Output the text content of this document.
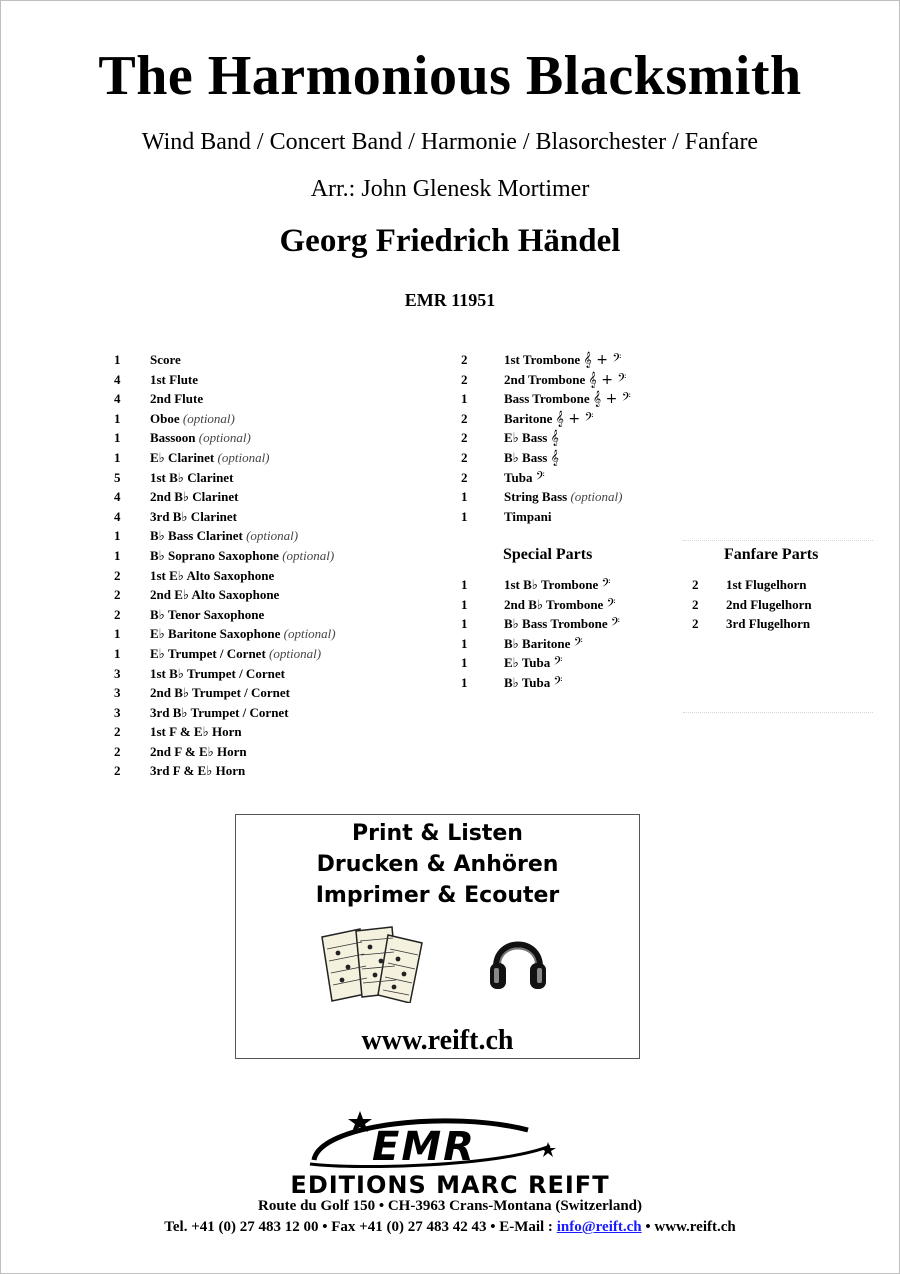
The Harmonious Blacksmith
Wind Band / Concert Band / Harmonie / Blasorchester / Fanfare
Arr.: John Glenesk Mortimer
Georg Friedrich Händel
EMR 11951
1 Score
4 1st Flute
4 2nd Flute
1 Oboe (optional)
1 Bassoon (optional)
1 E♭ Clarinet (optional)
5 1st B♭ Clarinet
4 2nd B♭ Clarinet
4 3rd B♭ Clarinet
1 B♭ Bass Clarinet (optional)
1 B♭ Soprano Saxophone (optional)
2 1st E♭ Alto Saxophone
2 2nd E♭ Alto Saxophone
2 B♭ Tenor Saxophone
1 E♭ Baritone Saxophone (optional)
1 E♭ Trumpet / Cornet (optional)
3 1st B♭ Trumpet / Cornet
3 2nd B♭ Trumpet / Cornet
3 3rd B♭ Trumpet / Cornet
2 1st F & E♭ Horn
2 2nd F & E♭ Horn
2 3rd F & E♭ Horn
2	1st Trombone 𝄞 + 𝄢
2	2nd Trombone 𝄞 + 𝄢
1	Bass Trombone 𝄞 + 𝄢
2	Baritone 𝄞 + 𝄢
2	E♭ Bass 𝄞
2	B♭ Bass 𝄞
2	Tuba 𝄢
1	String Bass (optional)
1	Timpani
Special Parts
1	1st B♭ Trombone 𝄢
1	2nd B♭ Trombone 𝄢
1	B♭ Bass Trombone 𝄢
1	B♭ Baritone 𝄢
1	E♭ Tuba 𝄢
1	B♭ Tuba 𝄢
Fanfare Parts
2 1st Flugelhorn
2 2nd Flugelhorn
2 3rd Flugelhorn
Print & Listen
Drucken & Anhören
Imprimer & Ecouter
www.reift.ch
EMR
EDITIONS MARC REIFT
Route du Golf 150 • CH-3963 Crans-Montana (Switzerland)
Tel. +41 (0) 27 483 12 00 • Fax +41 (0) 27 483 42 43 • E-Mail : info@reift.ch • www.reift.ch
